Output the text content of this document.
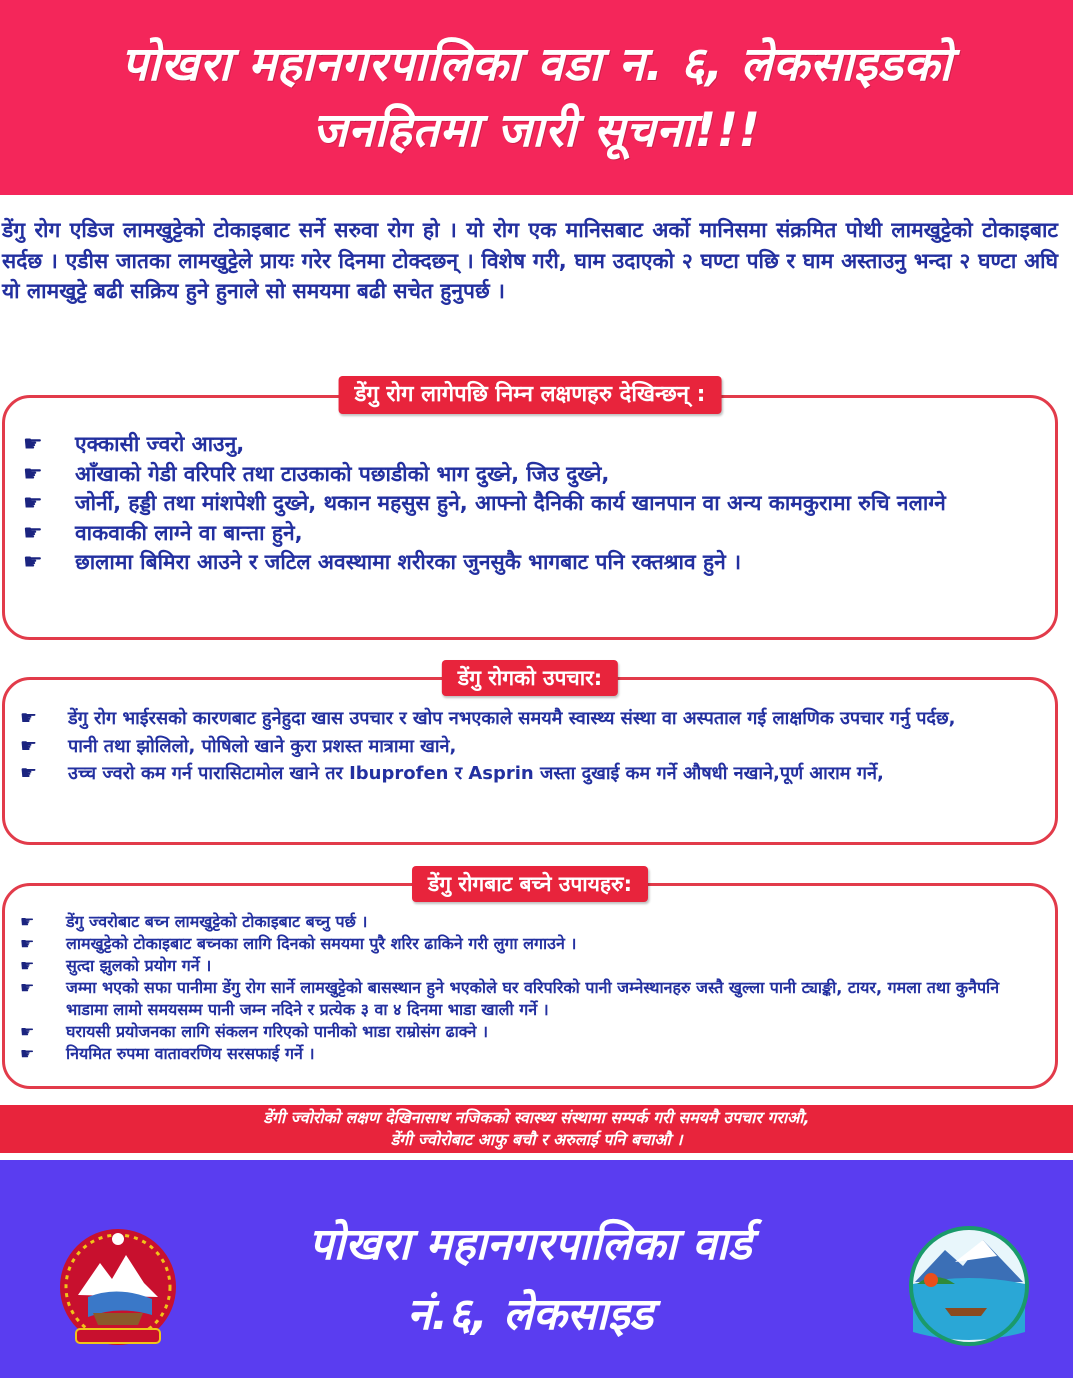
पोखरा महानगरपालिका वडा न. ६, लेकसाइडको
जनहितमा जारी सूचना!!!
डेंगु रोग एडिज लामखुट्टेको टोकाइबाट सर्ने सरुवा रोग हो । यो रोग एक मानिसबाट अर्को मानिसमा संक्रमित पोथी लामखुट्टेको टोकाइबाट सर्दछ । एडीस जातका लामखुट्टेले प्रायः गरेर दिनमा टोक्दछन् । विशेष गरी, घाम उदाएको २ घण्टा पछि र घाम अस्ताउनु भन्दा २ घण्टा अघि यो लामखुट्टे बढी सक्रिय हुने हुनाले सो समयमा बढी सचेत हुनुपर्छ ।
डेंगु रोग लागेपछि निम्न लक्षणहरु देखिन्छन् :
☛ एक्कासी ज्वरो आउनु,
☛ आँखाको गेडी वरिपरि तथा टाउकाको पछाडीको भाग दुख्ने, जिउ दुख्ने,
☛ जोर्नी, हड्डी तथा मांशपेशी दुख्ने, थकान महसुस हुने, आफ्नो दैनिकी कार्य खानपान वा अन्य कामकुरामा रुचि नलाग्ने
☛ वाकवाकी लाग्ने वा बान्ता हुने,
☛ छालामा बिमिरा आउने र जटिल अवस्थामा शरीरका जुनसुकै भागबाट पनि रक्तश्राव हुने ।
डेंगु रोगको उपचार:
☛ डेंगु रोग भाईरसको कारणबाट हुनेहुदा खास उपचार र खोप नभएकाले समयमै स्वास्थ्य संस्था वा अस्पताल गई लाक्षणिक उपचार गर्नु पर्दछ,
☛ पानी तथा झोलिलो, पोषिलो खाने कुरा प्रशस्त मात्रामा खाने,
☛ उच्च ज्वरो कम गर्न पारासिटामोल खाने तर Ibuprofen र Asprin जस्ता दुखाई कम गर्ने औषधी नखाने,पूर्ण आराम गर्ने,
डेंगु रोगबाट बच्ने उपायहरु:
☛ डेंगु ज्वरोबाट बच्न लामखुट्टेको टोकाइबाट बच्नु पर्छ ।
☛ लामखुट्टेको टोकाइबाट बच्नका लागि दिनको समयमा पुरै शरिर ढाकिने गरी लुगा लगाउने ।
☛ सुत्दा झुलको प्रयोग गर्ने ।
☛ जम्मा भएको सफा पानीमा डेंगु रोग सार्ने लामखुट्टेको बासस्थान हुने भएकोले घर वरिपरिको पानी जम्नेस्थानहरु जस्तै खुल्ला पानी ट्याङ्की, टायर, गमला तथा कुनैपनि भाडामा लामो समयसम्म पानी जम्न नदिने र प्रत्येक ३ वा ४ दिनमा भाडा खाली गर्ने ।
☛ घरायसी प्रयोजनका लागि संकलन गरिएको पानीको भाडा राम्रोसंग ढाक्ने ।
☛ नियमित रुपमा वातावरणिय सरसफाई गर्ने ।
डेंगी ज्वोरोको लक्षण देखिनासाथ नजिकको स्वास्थ्य संस्थामा सम्पर्क गरी समयमै उपचार गराऔ,
डेंगी ज्वोरोबाट आफु बचौ र अरुलाई पनि बचाऔ ।
पोखरा महानगरपालिका वार्ड
नं.६, लेकसाइड
